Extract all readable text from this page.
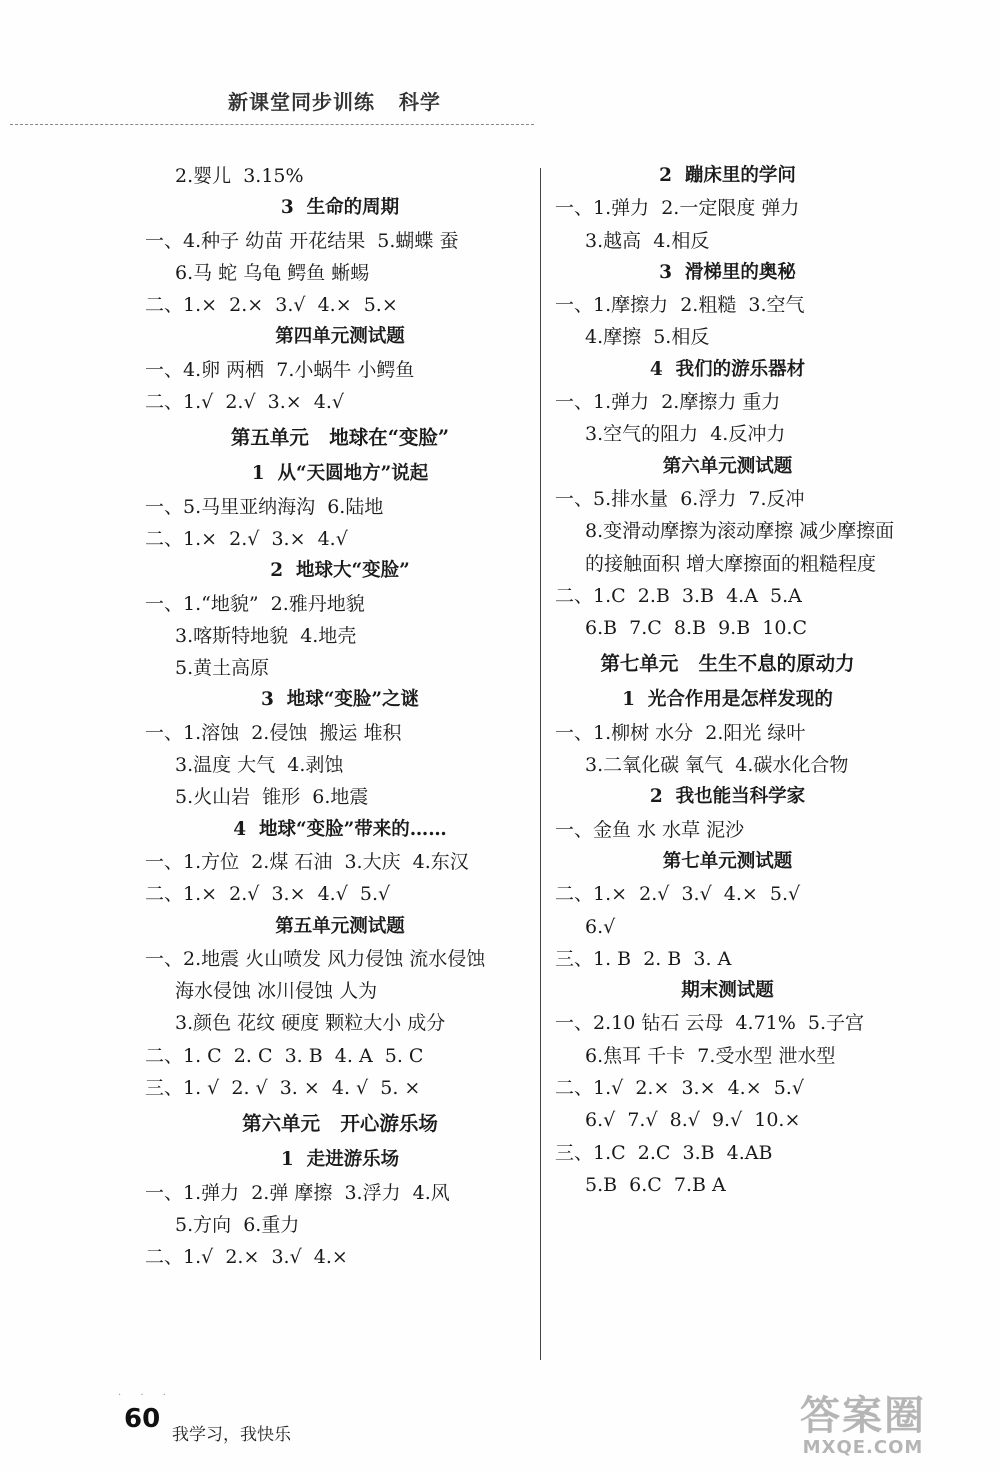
新课堂同步训练   科学
2.婴儿  3.15%
3  生命的周期
一、4.种子 幼苗 开花结果  5.蝴蝶 蚕
6.马 蛇 乌龟 鳄鱼 蜥蜴
二、1.×  2.×  3.√  4.×  5.×
第四单元测试题
一、4.卵 两栖  7.小蜗牛 小鳄鱼
二、1.√  2.√  3.×  4.√
第五单元   地球在“变脸”
1  从“天圆地方”说起
一、5.马里亚纳海沟  6.陆地
二、1.×  2.√  3.×  4.√
2  地球大“变脸”
一、1.“地貌”  2.雅丹地貌
3.喀斯特地貌  4.地壳
5.黄土高原
3  地球“变脸”之谜
一、1.溶蚀  2.侵蚀  搬运 堆积
3.温度 大气  4.剥蚀
5.火山岩  锥形  6.地震
4  地球“变脸”带来的……
一、1.方位  2.煤 石油  3.大庆  4.东汉
二、1.×  2.√  3.×  4.√  5.√
第五单元测试题
一、2.地震 火山喷发 风力侵蚀 流水侵蚀
海水侵蚀 冰川侵蚀 人为
3.颜色 花纹 硬度 颗粒大小 成分
二、1. C  2. C  3. B  4. A  5. C
三、1. √  2. √  3. ×  4. √  5. ×
第六单元   开心游乐场
1  走进游乐场
一、1.弹力  2.弹 摩擦  3.浮力  4.风
5.方向  6.重力
二、1.√  2.×  3.√  4.×
2  蹦床里的学问
一、1.弹力  2.一定限度 弹力
3.越高  4.相反
3  滑梯里的奥秘
一、1.摩擦力  2.粗糙  3.空气
4.摩擦  5.相反
4  我们的游乐器材
一、1.弹力  2.摩擦力 重力
3.空气的阻力  4.反冲力
第六单元测试题
一、5.排水量  6.浮力  7.反冲
8.变滑动摩擦为滚动摩擦 减少摩擦面
的接触面积 增大摩擦面的粗糙程度
二、1.C  2.B  3.B  4.A  5.A
6.B  7.C  8.B  9.B  10.C
第七单元   生生不息的原动力
1  光合作用是怎样发现的
一、1.柳树 水分  2.阳光 绿叶
3.二氧化碳 氧气  4.碳水化合物
2  我也能当科学家
一、金鱼 水 水草 泥沙
第七单元测试题
二、1.×  2.√  3.√  4.×  5.√
6.√
三、1. B  2. B  3. A
期末测试题
一、2.10 钻石 云母  4.71%  5.子宫
6.焦耳 千卡  7.受水型 泄水型
二、1.√  2.×  3.×  4.×  5.√
6.√  7.√  8.√  9.√  10.×
三、1.C  2.C  3.B  4.AB
5.B  6.C  7.B A
· · ·
60
我学习，我快乐	答案圈
MXQE.COM
